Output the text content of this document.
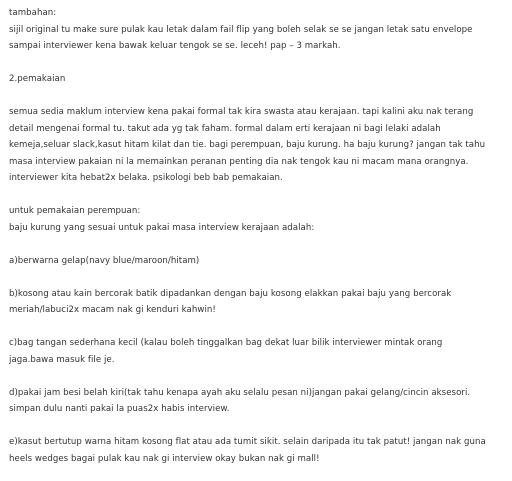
tambahan:
sijil original tu make sure pulak kau letak dalam fail flip yang boleh selak se se jangan letak satu envelope
sampai interviewer kena bawak keluar tengok se se. leceh! pap – 3 markah.
2.pemakaian
semua sedia maklum interview kena pakai formal tak kira swasta atau kerajaan. tapi kalini aku nak terang
detail mengenai formal tu. takut ada yg tak faham. formal dalam erti kerajaan ni bagi lelaki adalah
kemeja,seluar slack,kasut hitam kilat dan tie. bagi perempuan, baju kurung. ha baju kurung? jangan tak tahu
masa interview pakaian ni la memainkan peranan penting dia nak tengok kau ni macam mana orangnya.
interviewer kita hebat2x belaka. psikologi beb bab pemakaian.
untuk pemakaian perempuan:
baju kurung yang sesuai untuk pakai masa interview kerajaan adalah:
a)berwarna gelap(navy blue/maroon/hitam)
b)kosong atau kain bercorak batik dipadankan dengan baju kosong elakkan pakai baju yang bercorak
meriah/labuci2x macam nak gi kenduri kahwin!
c)bag tangan sederhana kecil (kalau boleh tinggalkan bag dekat luar bilik interviewer mintak orang
jaga.bawa masuk file je.
d)pakai jam besi belah kiri(tak tahu kenapa ayah aku selalu pesan ni)jangan pakai gelang/cincin aksesori.
simpan dulu nanti pakai la puas2x habis interview.
e)kasut bertutup warna hitam kosong flat atau ada tumit sikit. selain daripada itu tak patut! jangan nak guna
heels wedges bagai pulak kau nak gi interview okay bukan nak gi mall!
